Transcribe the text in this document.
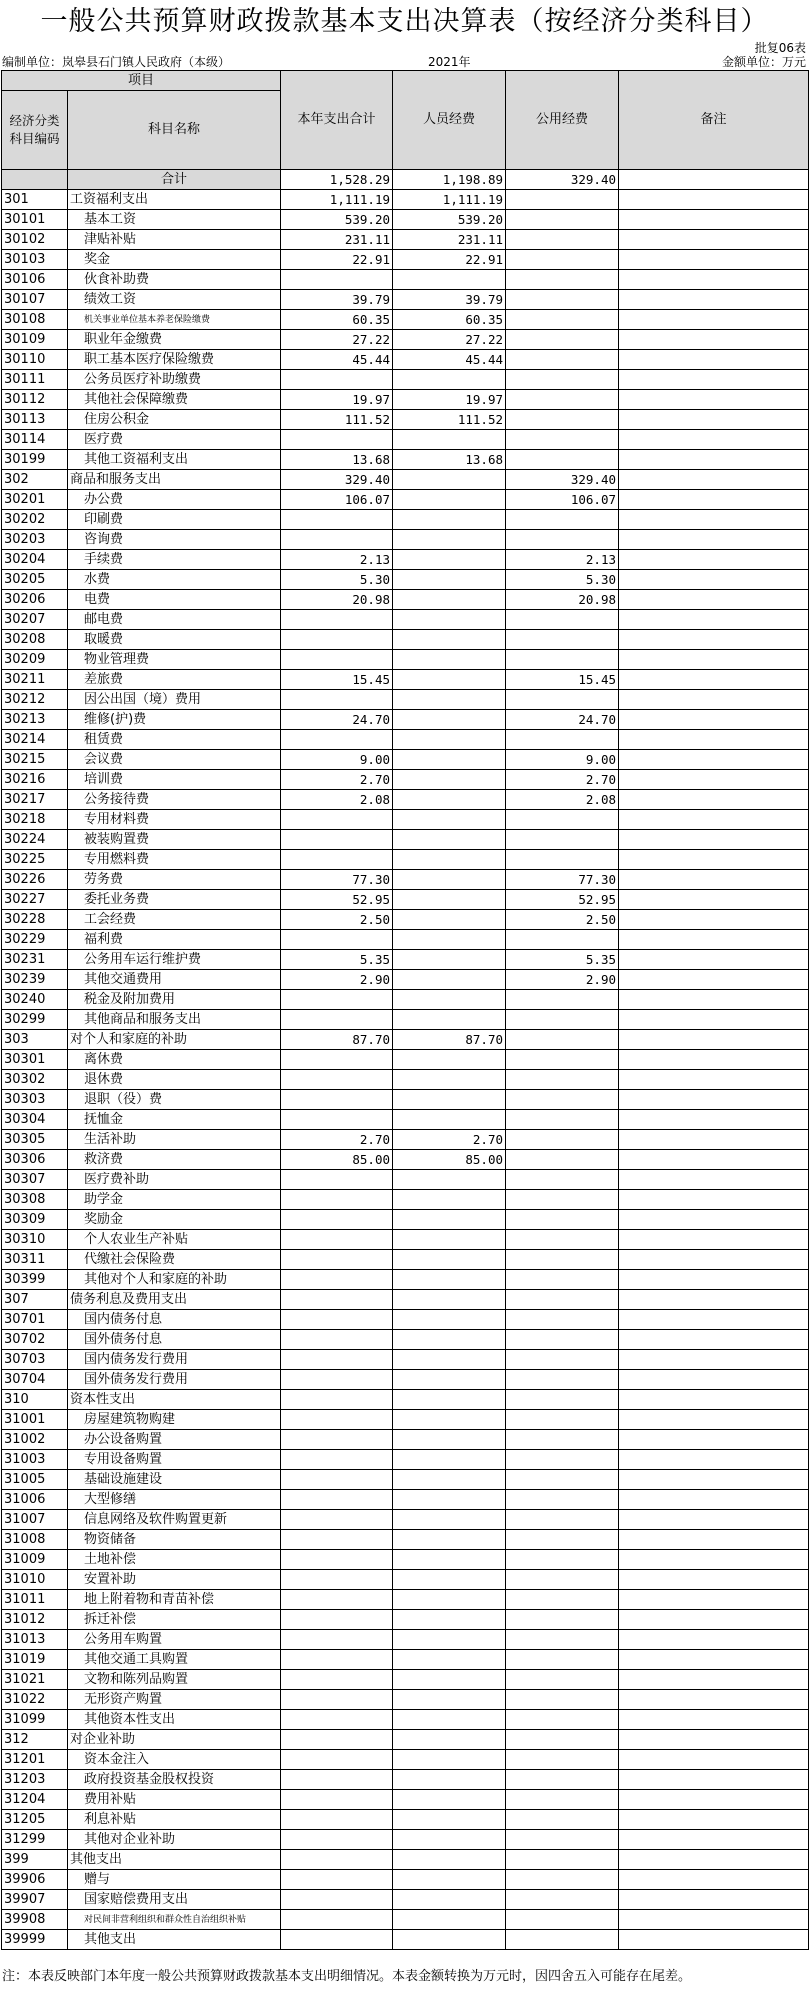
一般公共预算财政拨款基本支出决算表（按经济分类科目）
批复06表
编制单位：岚皋县石门镇人民政府（本级）	2021年	金额单位：万元
项目		本年支出合计	人员经费	公用经费	备注
经济分类科目编码	科目名称				
	合计	1,528.29	1,198.89	329.40	
301	工资福利支出	1,111.19	1,111.19		
30101	基本工资	539.20	539.20		
30102	津贴补贴	231.11	231.11		
30103	奖金	22.91	22.91		
30106	伙食补助费				
30107	绩效工资	39.79	39.79		
30108	机关事业单位基本养老保险缴费	60.35	60.35		
30109	职业年金缴费	27.22	27.22		
30110	职工基本医疗保险缴费	45.44	45.44		
30111	公务员医疗补助缴费				
30112	其他社会保障缴费	19.97	19.97		
30113	住房公积金	111.52	111.52		
30114	医疗费				
30199	其他工资福利支出	13.68	13.68		
302	商品和服务支出	329.40		329.40	
30201	办公费	106.07		106.07	
30202	印刷费				
30203	咨询费				
30204	手续费	2.13		2.13	
30205	水费	5.30		5.30	
30206	电费	20.98		20.98	
30207	邮电费				
30208	取暖费				
30209	物业管理费				
30211	差旅费	15.45		15.45	
30212	因公出国（境）费用				
30213	维修(护)费	24.70		24.70	
30214	租赁费				
30215	会议费	9.00		9.00	
30216	培训费	2.70		2.70	
30217	公务接待费	2.08		2.08	
30218	专用材料费				
30224	被装购置费				
30225	专用燃料费				
30226	劳务费	77.30		77.30	
30227	委托业务费	52.95		52.95	
30228	工会经费	2.50		2.50	
30229	福利费				
30231	公务用车运行维护费	5.35		5.35	
30239	其他交通费用	2.90		2.90	
30240	税金及附加费用				
30299	其他商品和服务支出				
303	对个人和家庭的补助	87.70	87.70		
30301	离休费				
30302	退休费				
30303	退职（役）费				
30304	抚恤金				
30305	生活补助	2.70	2.70		
30306	救济费	85.00	85.00		
30307	医疗费补助				
30308	助学金				
30309	奖励金				
30310	个人农业生产补贴				
30311	代缴社会保险费				
30399	其他对个人和家庭的补助				
307	债务利息及费用支出				
30701	国内债务付息				
30702	国外债务付息				
30703	国内债务发行费用				
30704	国外债务发行费用				
310	资本性支出				
31001	房屋建筑物购建				
31002	办公设备购置				
31003	专用设备购置				
31005	基础设施建设				
31006	大型修缮				
31007	信息网络及软件购置更新				
31008	物资储备				
31009	土地补偿				
31010	安置补助				
31011	地上附着物和青苗补偿				
31012	拆迁补偿				
31013	公务用车购置				
31019	其他交通工具购置				
31021	文物和陈列品购置				
31022	无形资产购置				
31099	其他资本性支出				
312	对企业补助				
31201	资本金注入				
31203	政府投资基金股权投资				
31204	费用补贴				
31205	利息补贴				
31299	其他对企业补助				
399	其他支出				
39906	赠与				
39907	国家赔偿费用支出				
39908	对民间非营利组织和群众性自治组织补贴				
39999	其他支出				
注：本表反映部门本年度一般公共预算财政拨款基本支出明细情况。本表金额转换为万元时，因四舍五入可能存在尾差。
